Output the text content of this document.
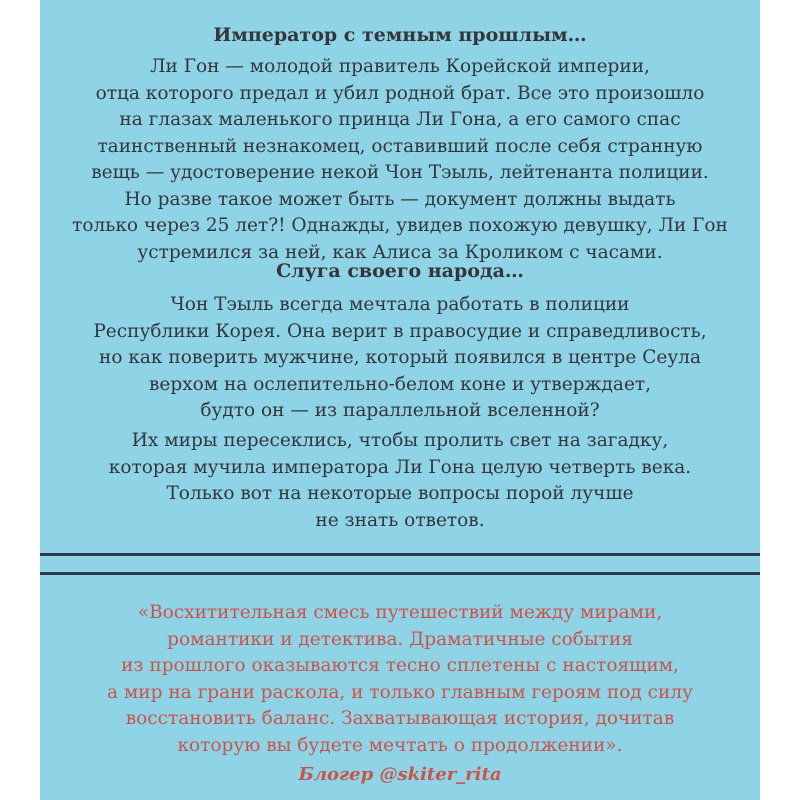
Император с темным прошлым…

Ли Гон — молодой правитель Корейской империи,
отца которого предал и убил родной брат. Все это произошло
на глазах маленького принца Ли Гона, а его самого спас
таинственный незнакомец, оставивший после себя странную
вещь — удостоверение некой Чон Тэыль, лейтенанта полиции.
Но разве такое может быть — документ должны выдать
только через 25 лет?! Однажды, увидев похожую девушку, Ли Гон
устремился за ней, как Алиса за Кроликом с часами.

Слуга своего народа…

Чон Тэыль всегда мечтала работать в полиции
Республики Корея. Она верит в правосудие и справедливость,
но как поверить мужчине, который появился в центре Сеула
верхом на ослепительно-белом коне и утверждает,
будто он — из параллельной вселенной?

Их миры пересеклись, чтобы пролить свет на загадку,
которая мучила императора Ли Гона целую четверть века.
Только вот на некоторые вопросы порой лучше
не знать ответов.

«Восхитительная смесь путешествий между мирами,
романтики и детектива. Драматичные события
из прошлого оказываются тесно сплетены с настоящим,
а мир на грани раскола, и только главным героям под силу
восстановить баланс. Захватывающая история, дочитав
которую вы будете мечтать о продолжении».

Блогер @skiter_rita
